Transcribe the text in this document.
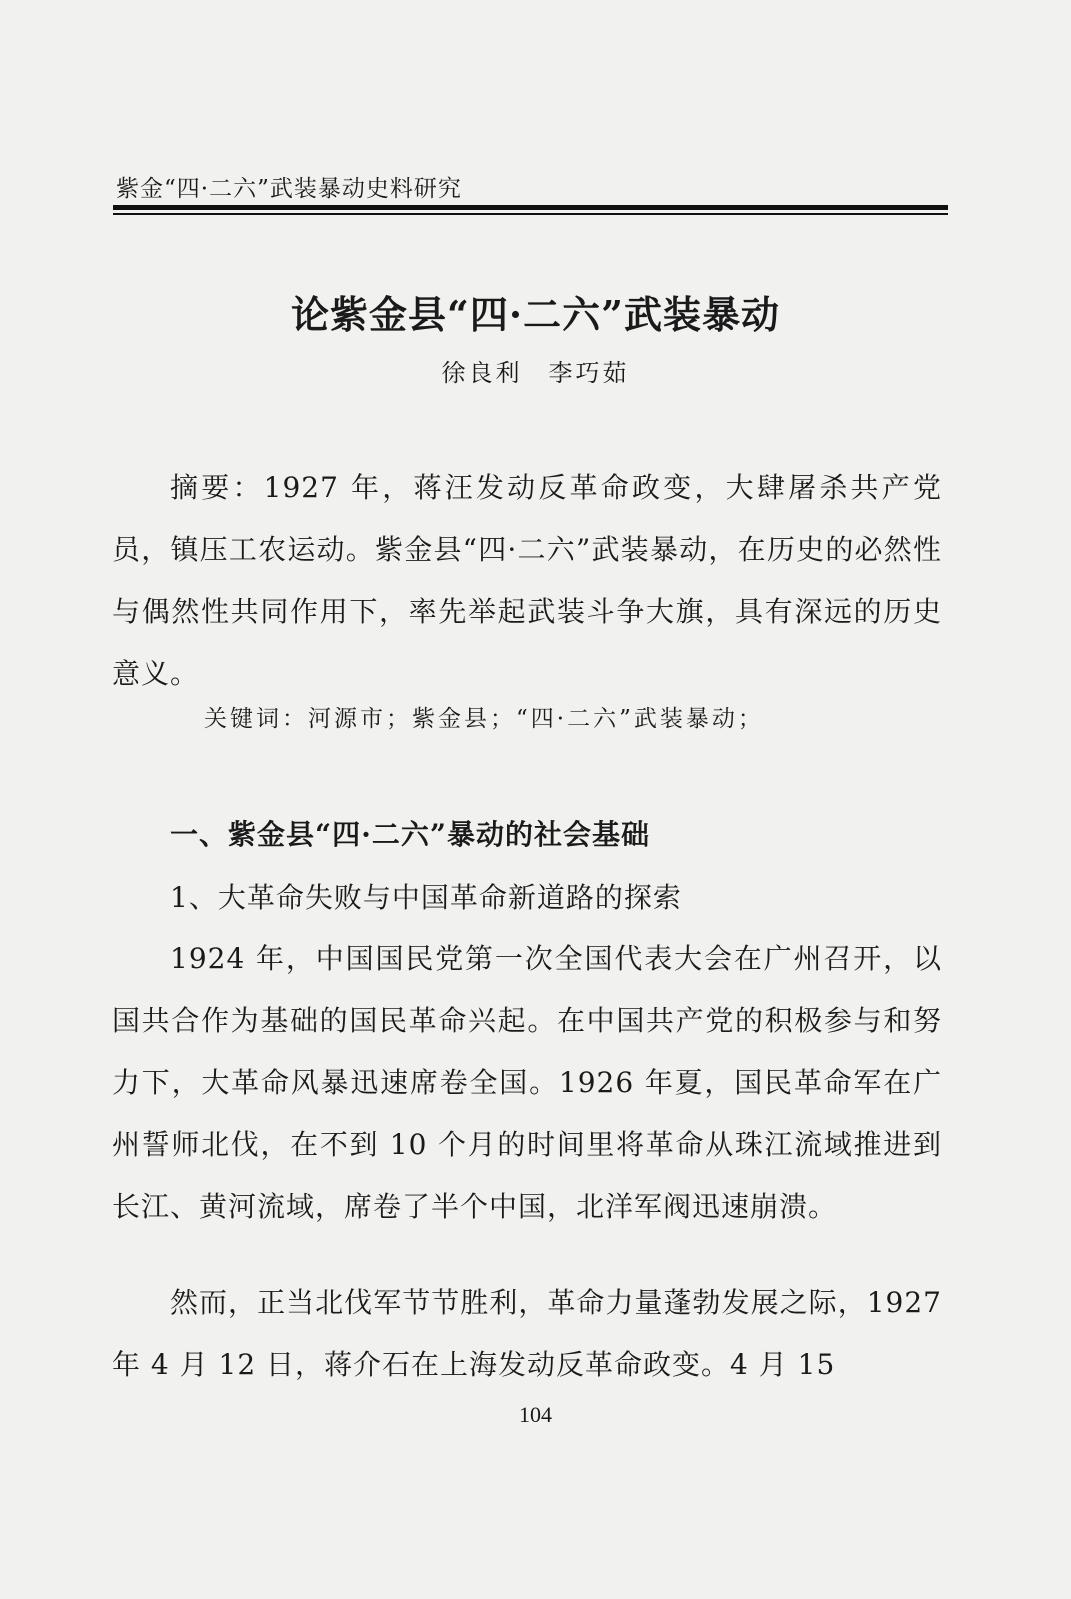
紫金“四·二六”武装暴动史料研究
论紫金县“四·二六”武装暴动
徐良利 李巧茹

摘要：1927 年，蒋汪发动反革命政变，大肆屠杀共产党员，镇压工农运动。紫金县“四·二六”武装暴动，在历史的必然性与偶然性共同作用下，率先举起武装斗争大旗，具有深远的历史意义。

关键词：河源市；紫金县；“四·二六”武装暴动；
一、紫金县“四·二六”暴动的社会基础
1、大革命失败与中国革命新道路的探索

1924 年，中国国民党第一次全国代表大会在广州召开，以国共合作为基础的国民革命兴起。在中国共产党的积极参与和努力下，大革命风暴迅速席卷全国。1926 年夏，国民革命军在广州誓师北伐，在不到 10 个月的时间里将革命从珠江流域推进到长江、黄河流域，席卷了半个中国，北洋军阀迅速崩溃。

然而，正当北伐军节节胜利，革命力量蓬勃发展之际，1927 年 4 月 12 日，蒋介石在上海发动反革命政变。4 月 15

104
